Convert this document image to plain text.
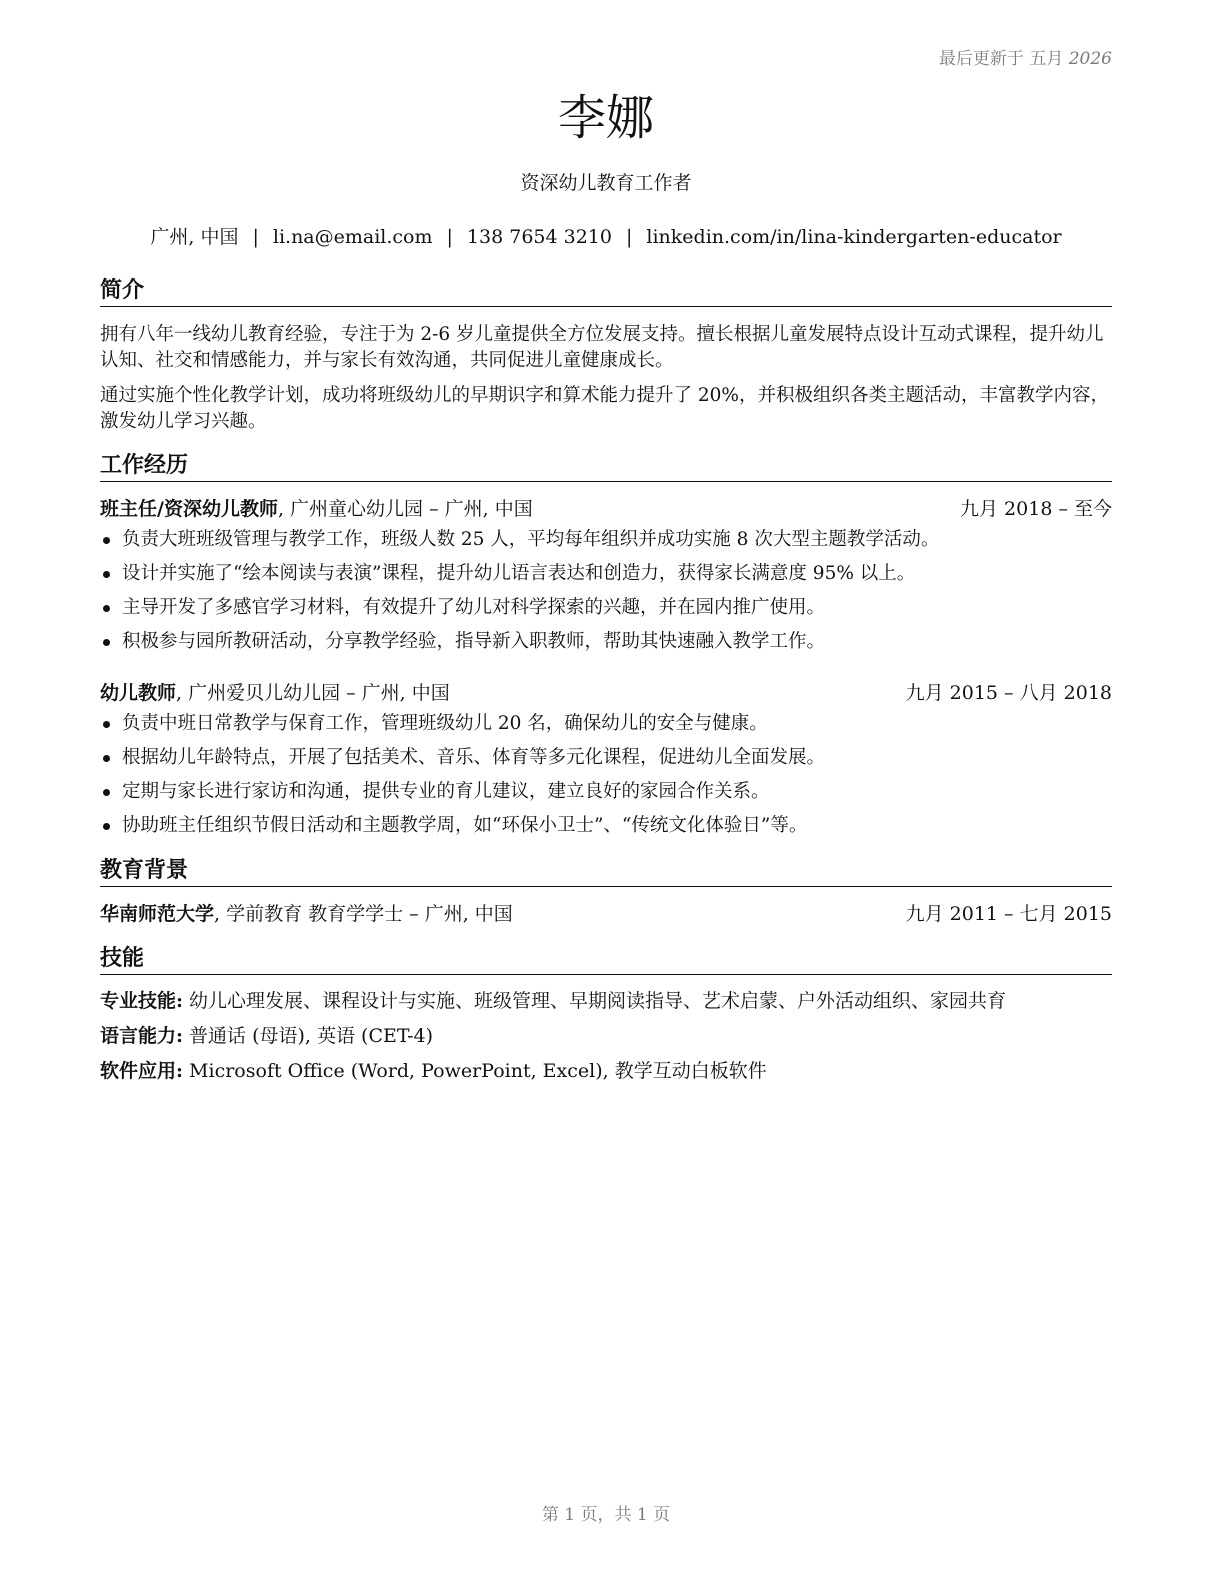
最后更新于 五月 2026
李娜
资深幼儿教育工作者
广州, 中国 | li.na@email.com | 138 7654 3210 | linkedin.com/in/lina-kindergarten-educator
简介
拥有八年一线幼儿教育经验，专注于为 2-6 岁儿童提供全方位发展支持。擅长根据儿童发展特点设计互动式课程，提升幼儿认知、社交和情感能力，并与家长有效沟通，共同促进儿童健康成长。
通过实施个性化教学计划，成功将班级幼儿的早期识字和算术能力提升了 20%，并积极组织各类主题活动，丰富教学内容，激发幼儿学习兴趣。
工作经历
班主任/资深幼儿教师, 广州童心幼儿园 – 广州, 中国	九月 2018 – 至今
负责大班班级管理与教学工作，班级人数 25 人，平均每年组织并成功实施 8 次大型主题教学活动。
设计并实施了“绘本阅读与表演”课程，提升幼儿语言表达和创造力，获得家长满意度 95% 以上。
主导开发了多感官学习材料，有效提升了幼儿对科学探索的兴趣，并在园内推广使用。
积极参与园所教研活动，分享教学经验，指导新入职教师，帮助其快速融入教学工作。
幼儿教师, 广州爱贝儿幼儿园 – 广州, 中国	九月 2015 – 八月 2018
负责中班日常教学与保育工作，管理班级幼儿 20 名，确保幼儿的安全与健康。
根据幼儿年龄特点，开展了包括美术、音乐、体育等多元化课程，促进幼儿全面发展。
定期与家长进行家访和沟通，提供专业的育儿建议，建立良好的家园合作关系。
协助班主任组织节假日活动和主题教学周，如“环保小卫士”、“传统文化体验日”等。
教育背景
华南师范大学, 学前教育 教育学学士 – 广州, 中国	九月 2011 – 七月 2015
技能
专业技能: 幼儿心理发展、课程设计与实施、班级管理、早期阅读指导、艺术启蒙、户外活动组织、家园共育
语言能力: 普通话 (母语), 英语 (CET-4)
软件应用: Microsoft Office (Word, PowerPoint, Excel), 教学互动白板软件
第 1 页，共 1 页
